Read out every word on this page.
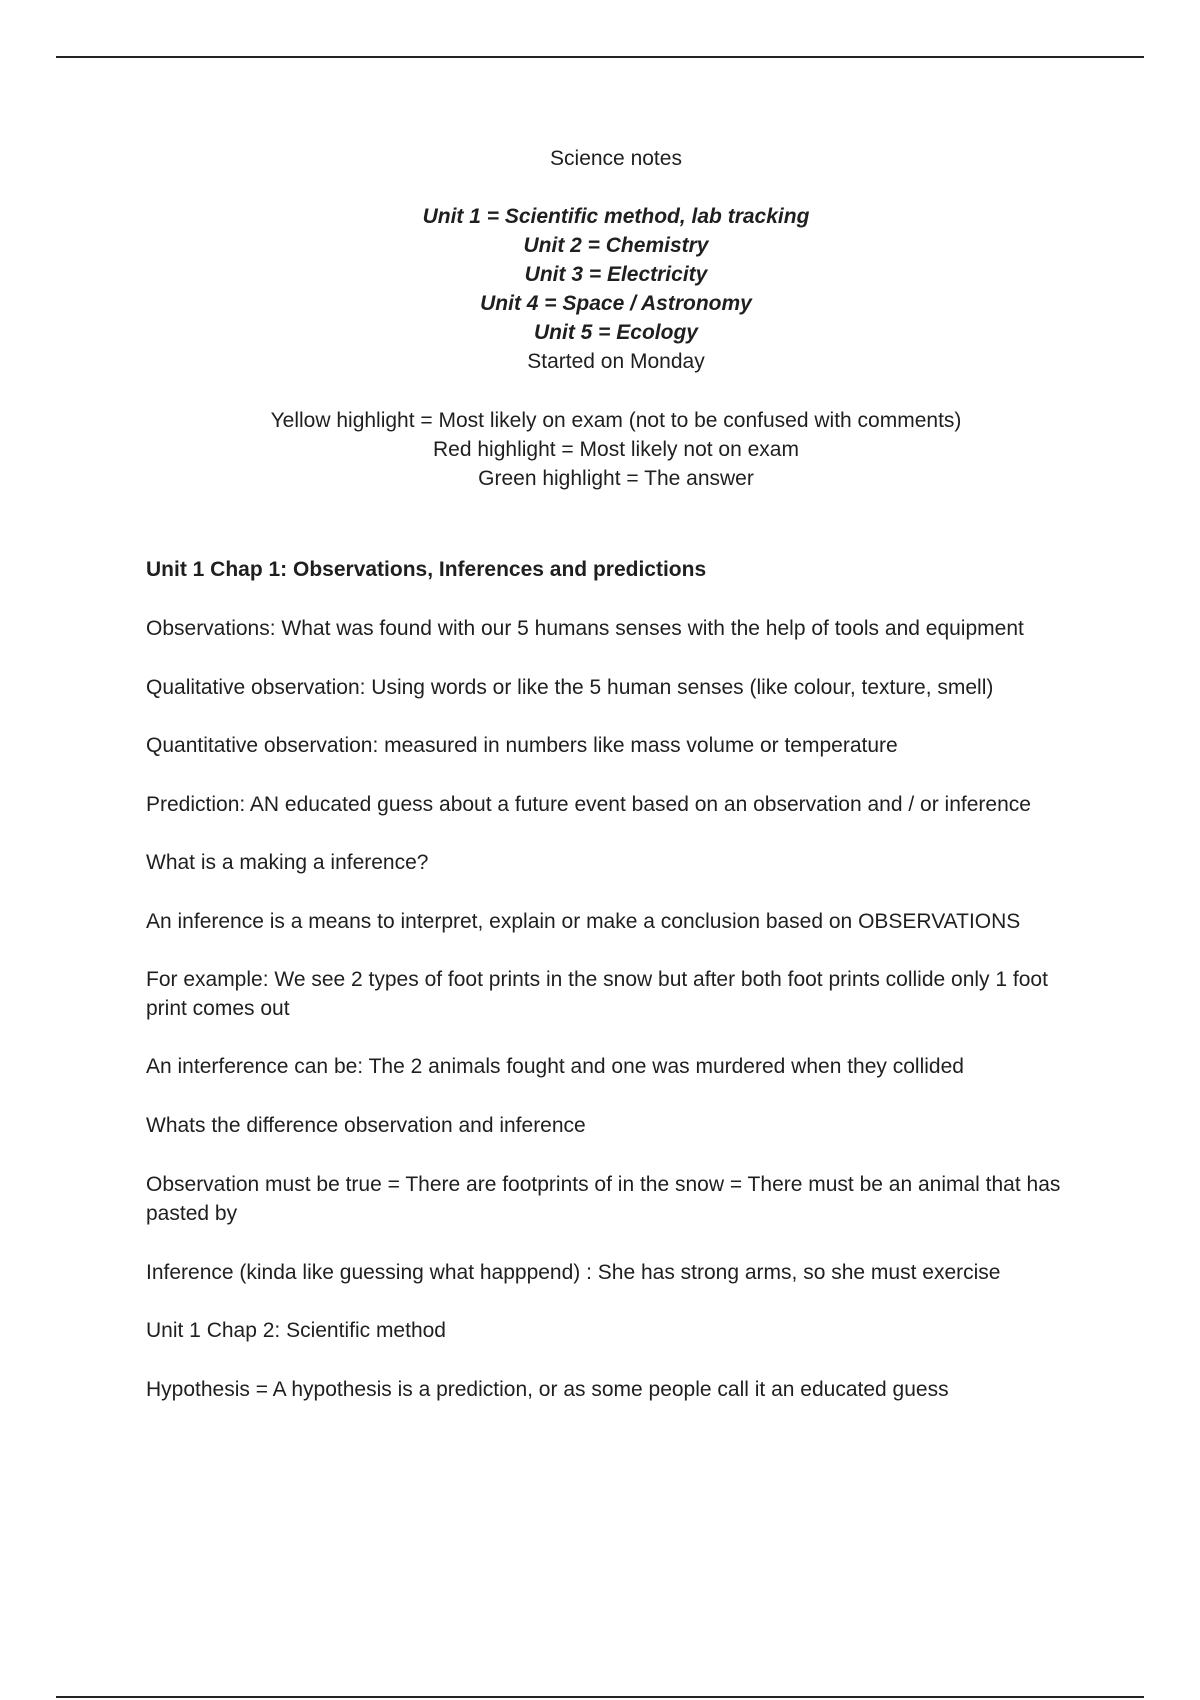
Science notes
Unit 1 = Scientific method, lab tracking
Unit 2 = Chemistry
Unit 3 = Electricity
Unit 4 = Space / Astronomy
Unit 5 = Ecology
Started on Monday
Yellow highlight = Most likely on exam (not to be confused with comments)
Red highlight = Most likely not on exam
Green highlight = The answer

Unit 1 Chap 1: Observations, Inferences and predictions

Observations: What was found with our 5 humans senses with the help of tools and equipment

Qualitative observation: Using words or like the 5 human senses (like colour, texture, smell)

Quantitative observation: measured in numbers like mass volume or temperature

Prediction: AN educated guess about a future event based on an observation and / or inference

What is a making a inference?

An inference is a means to interpret, explain or make a conclusion based on OBSERVATIONS

For example: We see 2 types of foot prints in the snow but after both foot prints collide only 1 foot print comes out

An interference can be: The 2 animals fought and one was murdered when they collided

Whats the difference observation and inference

Observation must be true = There are footprints of in the snow = There must be an animal that has pasted by

Inference (kinda like guessing what happpend) : She has strong arms, so she must exercise

Unit 1 Chap 2: Scientific method

Hypothesis = A hypothesis is a prediction, or as some people call it an educated guess
